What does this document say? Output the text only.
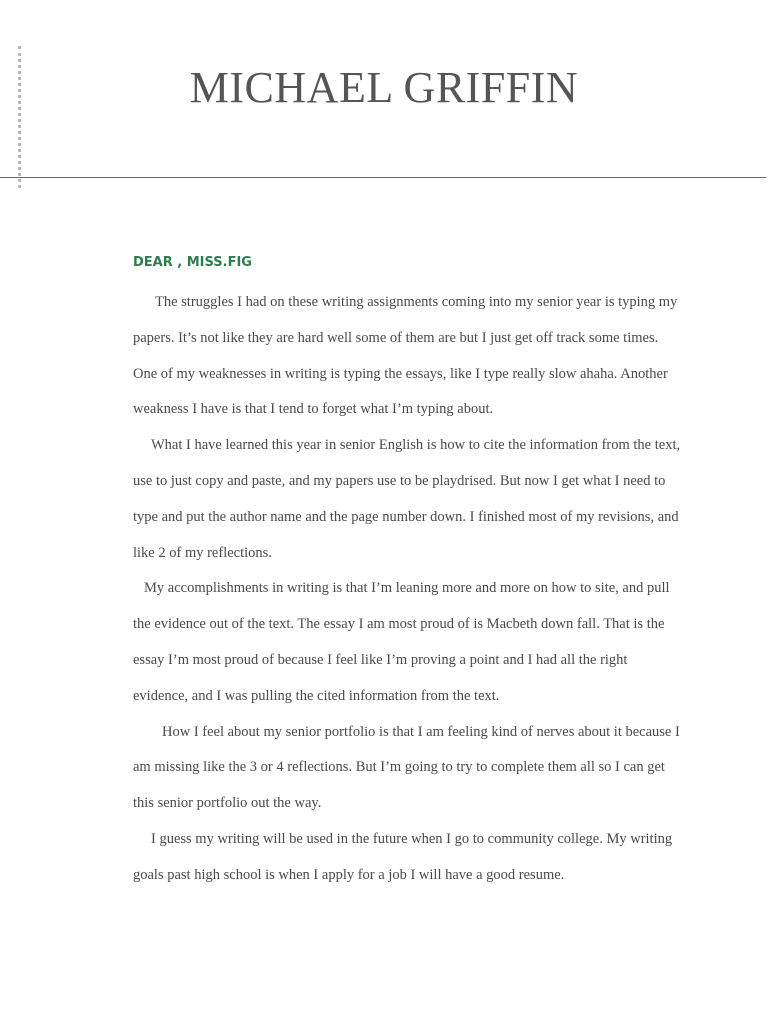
MICHAEL GRIFFIN

DEAR , MISS.FIG

The struggles I had on these writing assignments coming into my senior year is typing my papers. It’s not like they are hard well some of them are but I just get off track some times. One of my weaknesses in writing is typing the essays, like I type really slow ahaha. Another weakness I have is that I tend to forget what I’m typing about.

What I have learned this year in senior English is how to cite the information from the text, use to just copy and paste, and my papers use to be playdrised. But now I get what I need to type and put the author name and the page number down. I finished most of my revisions, and like 2 of my reflections.

My accomplishments in writing is that I’m leaning more and more on how to site, and pull the evidence out of the text. The essay I am most proud of is Macbeth down fall. That is the essay I’m most proud of because I feel like I’m proving a point and I had all the right evidence, and I was pulling the cited information from the text.

How I feel about my senior portfolio is that I am feeling kind of nerves about it because I am missing like the 3 or 4 reflections. But I’m going to try to complete them all so I can get this senior portfolio out the way.

I guess my writing will be used in the future when I go to community college. My writing goals past high school is when I apply for a job I will have a good resume.
